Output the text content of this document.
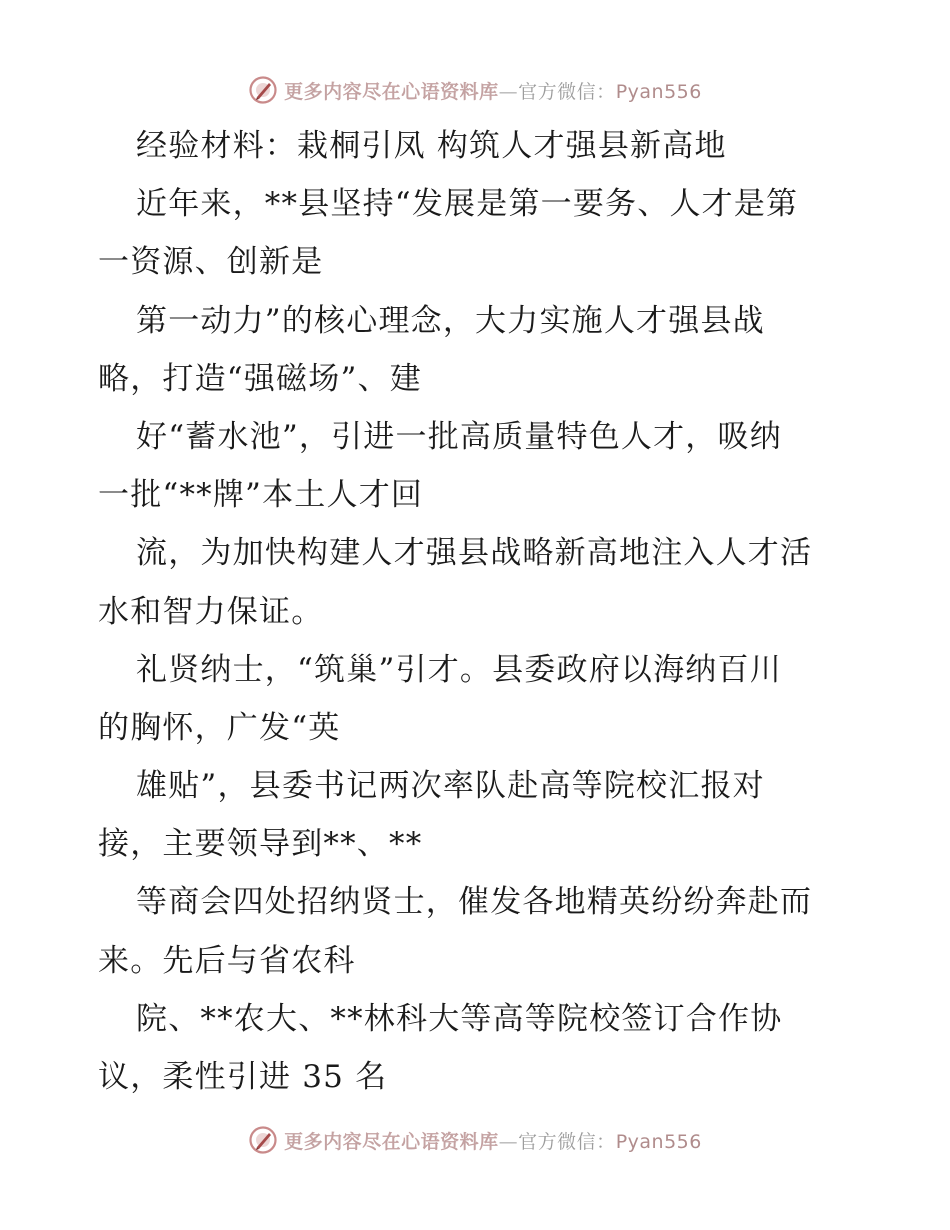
更多内容尽在心语资料库—官方微信：Pyan556
经验材料：栽桐引凤 构筑人才强县新高地
近年来，**县坚持“发展是第一要务、人才是第
一资源、创新是
第一动力”的核心理念，大力实施人才强县战
略，打造“强磁场”、建
好“蓄水池”，引进一批高质量特色人才，吸纳
一批“**牌”本土人才回
流，为加快构建人才强县战略新高地注入人才活
水和智力保证。
礼贤纳士，“筑巢”引才。县委政府以海纳百川
的胸怀，广发“英
雄贴”，县委书记两次率队赴高等院校汇报对
接，主要领导到**、**
等商会四处招纳贤士，催发各地精英纷纷奔赴而
来。先后与省农科
院、**农大、**林科大等高等院校签订合作协
议，柔性引进 35 名
更多内容尽在心语资料库—官方微信：Pyan556
